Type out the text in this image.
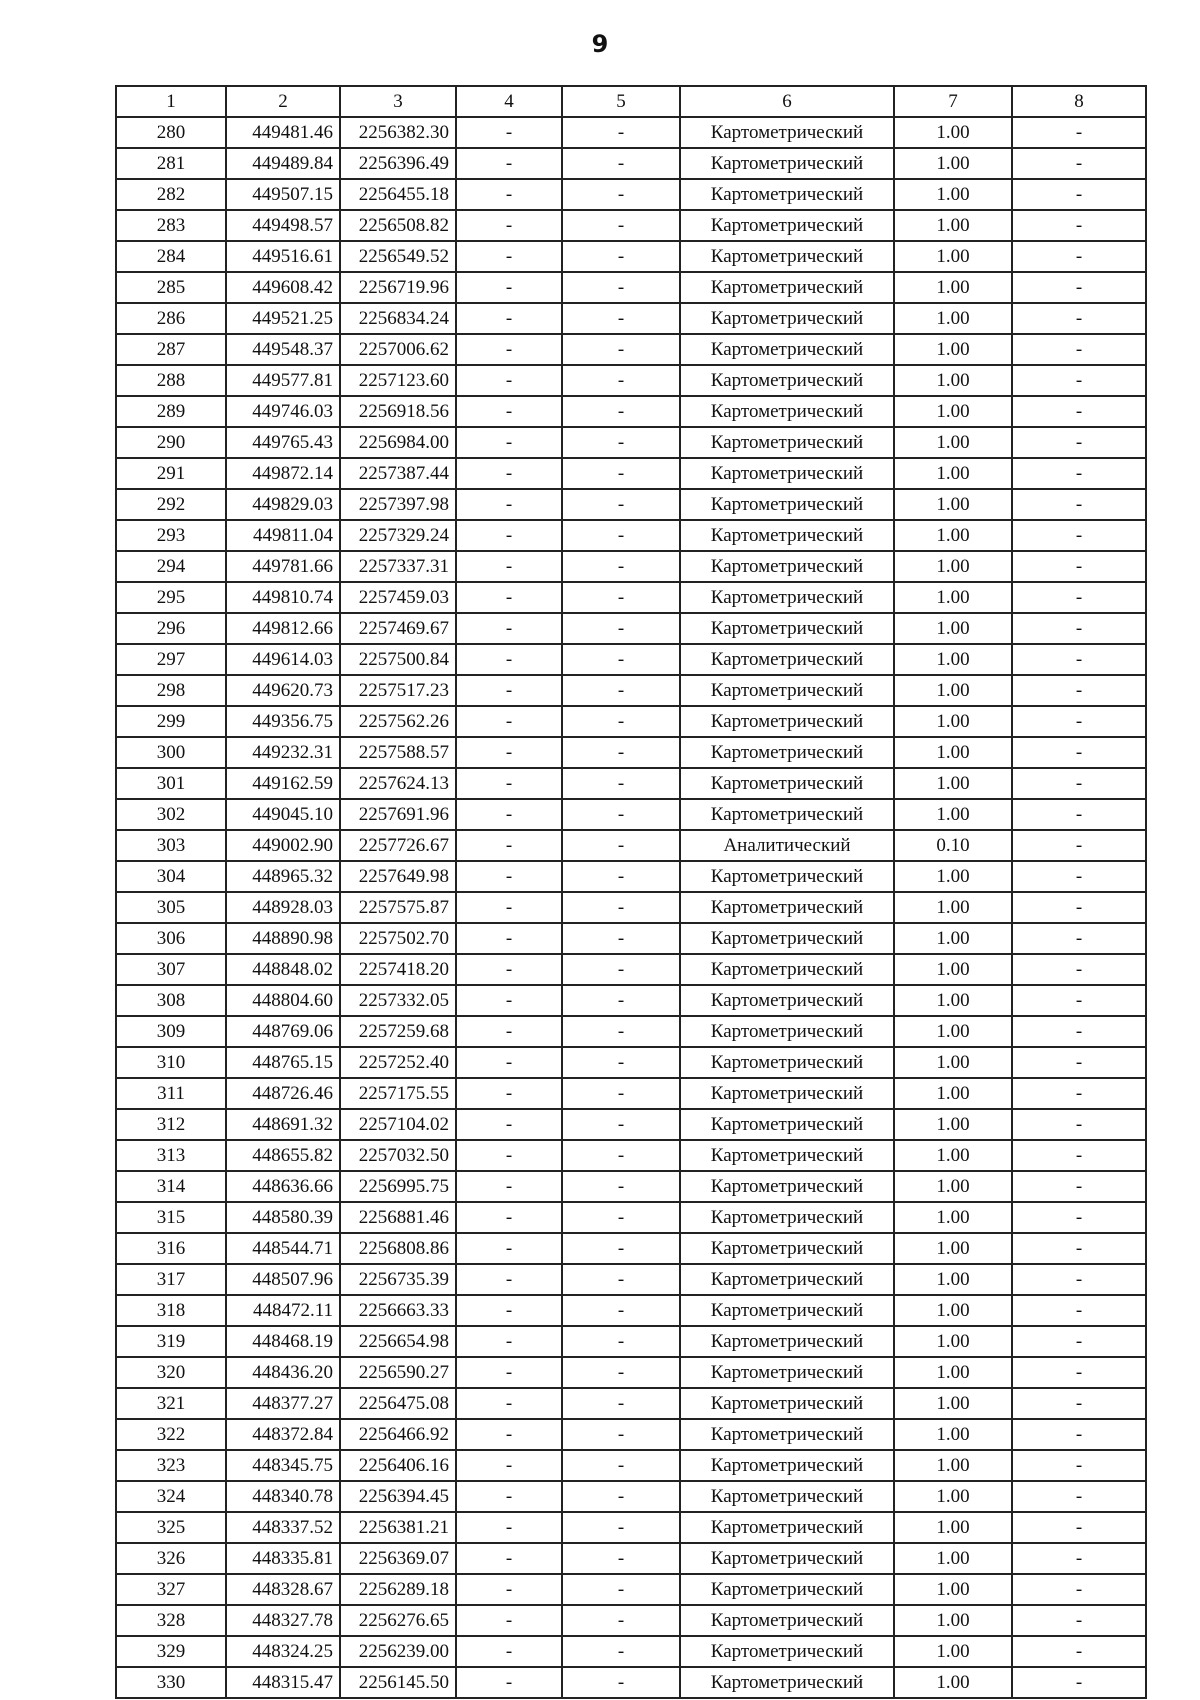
9
1	2	3	4	5	6	7	8
280	449481.46	2256382.30	-	-	Картометрический	1.00	-
281	449489.84	2256396.49	-	-	Картометрический	1.00	-
282	449507.15	2256455.18	-	-	Картометрический	1.00	-
283	449498.57	2256508.82	-	-	Картометрический	1.00	-
284	449516.61	2256549.52	-	-	Картометрический	1.00	-
285	449608.42	2256719.96	-	-	Картометрический	1.00	-
286	449521.25	2256834.24	-	-	Картометрический	1.00	-
287	449548.37	2257006.62	-	-	Картометрический	1.00	-
288	449577.81	2257123.60	-	-	Картометрический	1.00	-
289	449746.03	2256918.56	-	-	Картометрический	1.00	-
290	449765.43	2256984.00	-	-	Картометрический	1.00	-
291	449872.14	2257387.44	-	-	Картометрический	1.00	-
292	449829.03	2257397.98	-	-	Картометрический	1.00	-
293	449811.04	2257329.24	-	-	Картометрический	1.00	-
294	449781.66	2257337.31	-	-	Картометрический	1.00	-
295	449810.74	2257459.03	-	-	Картометрический	1.00	-
296	449812.66	2257469.67	-	-	Картометрический	1.00	-
297	449614.03	2257500.84	-	-	Картометрический	1.00	-
298	449620.73	2257517.23	-	-	Картометрический	1.00	-
299	449356.75	2257562.26	-	-	Картометрический	1.00	-
300	449232.31	2257588.57	-	-	Картометрический	1.00	-
301	449162.59	2257624.13	-	-	Картометрический	1.00	-
302	449045.10	2257691.96	-	-	Картометрический	1.00	-
303	449002.90	2257726.67	-	-	Аналитический	0.10	-
304	448965.32	2257649.98	-	-	Картометрический	1.00	-
305	448928.03	2257575.87	-	-	Картометрический	1.00	-
306	448890.98	2257502.70	-	-	Картометрический	1.00	-
307	448848.02	2257418.20	-	-	Картометрический	1.00	-
308	448804.60	2257332.05	-	-	Картометрический	1.00	-
309	448769.06	2257259.68	-	-	Картометрический	1.00	-
310	448765.15	2257252.40	-	-	Картометрический	1.00	-
311	448726.46	2257175.55	-	-	Картометрический	1.00	-
312	448691.32	2257104.02	-	-	Картометрический	1.00	-
313	448655.82	2257032.50	-	-	Картометрический	1.00	-
314	448636.66	2256995.75	-	-	Картометрический	1.00	-
315	448580.39	2256881.46	-	-	Картометрический	1.00	-
316	448544.71	2256808.86	-	-	Картометрический	1.00	-
317	448507.96	2256735.39	-	-	Картометрический	1.00	-
318	448472.11	2256663.33	-	-	Картометрический	1.00	-
319	448468.19	2256654.98	-	-	Картометрический	1.00	-
320	448436.20	2256590.27	-	-	Картометрический	1.00	-
321	448377.27	2256475.08	-	-	Картометрический	1.00	-
322	448372.84	2256466.92	-	-	Картометрический	1.00	-
323	448345.75	2256406.16	-	-	Картометрический	1.00	-
324	448340.78	2256394.45	-	-	Картометрический	1.00	-
325	448337.52	2256381.21	-	-	Картометрический	1.00	-
326	448335.81	2256369.07	-	-	Картометрический	1.00	-
327	448328.67	2256289.18	-	-	Картометрический	1.00	-
328	448327.78	2256276.65	-	-	Картометрический	1.00	-
329	448324.25	2256239.00	-	-	Картометрический	1.00	-
330	448315.47	2256145.50	-	-	Картометрический	1.00	-
